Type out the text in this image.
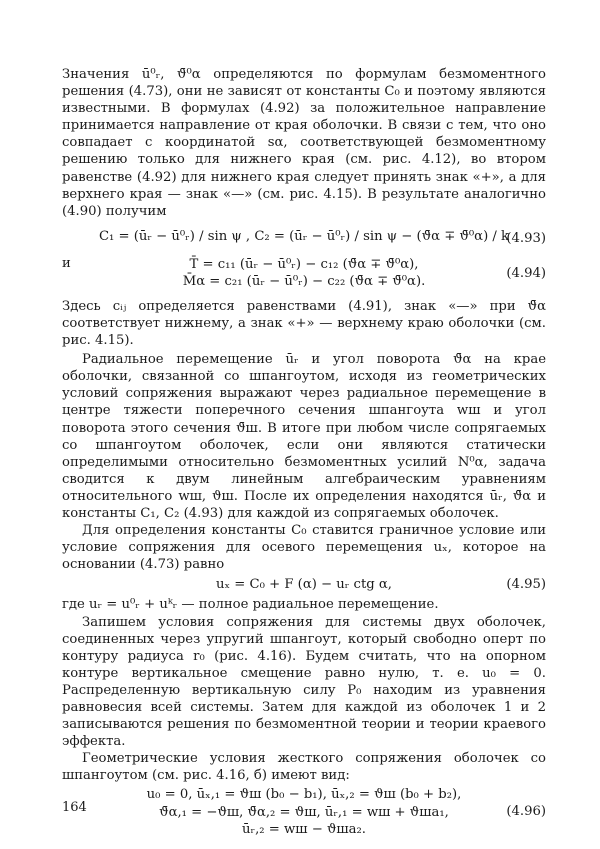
Значения ū⁰ᵣ, ϑ̄⁰α определяются по формулам безмоментного решения (4.73), они не зависят от константы C₀ и поэтому являются известными. В формулах (4.92) за положительное направление принимается направление от края оболочки. В связи с тем, что оно совпадает с координатой sα, соответствующей безмоментному решению только для нижнего края (см. рис. 4.12), во втором равенстве (4.92) для нижнего края следует принять знак «+», а для верхнего края — знак «—» (см. рис. 4.15). В результате аналогично (4.90) получим

C₁ = (ūᵣ − ū⁰ᵣ) / sin ψ , C₂ = (ūᵣ − ū⁰ᵣ) / sin ψ − (ϑ̄α ∓ ϑ̄⁰α) / k
(4.93)
и	T̄ = c₁₁ (ūᵣ − ū⁰ᵣ) − c₁₂ (ϑ̄α ∓ ϑ̄⁰α),
M̄α = c₂₁ (ūᵣ − ū⁰ᵣ) − c₂₂ (ϑ̄α ∓ ϑ̄⁰α).
(4.94)

Здесь cᵢⱼ определяется равенствами (4.91), знак «—» при ϑ̄α соответствует нижнему, а знак «+» — верхнему краю оболочки (см. рис. 4.15).

Радиальное перемещение ūᵣ и угол поворота ϑ̄α на крае оболочки, связанной со шпангоутом, исходя из геометрических условий сопряжения выражают через радиальное перемещение в центре тяжести поперечного сечения шпангоута wш и угол поворота этого сечения ϑ̄ш. В итоге при любом числе сопрягаемых со шпангоутом оболочек, если они являются статически определимыми относительно безмоментных усилий N⁰α, задача сводится к двум линейным алгебраическим уравнениям относительного wш, ϑш. После их определения находятся ūᵣ, ϑ̄α и константы C₁, C₂ (4.93) для каждой из сопрягаемых оболочек.

Для определения константы C₀ ставится граничное условие или условие сопряжения для осевого перемещения uₓ, которое на основании (4.73) равно

uₓ = C₀ + F (α) − uᵣ ctg α,	(4.95)

где uᵣ = u⁰ᵣ + uᵏᵣ — полное радиальное перемещение.

Запишем условия сопряжения для системы двух оболочек, соединенных через упругий шпангоут, который свободно оперт по контуру радиуса r₀ (рис. 4.16). Будем считать, что на опорном контуре вертикальное смещение равно нулю, т. е. u₀ = 0. Распределенную вертикальную силу P₀ находим из уравнения равновесия всей системы. Затем для каждой из оболочек 1 и 2 записываются решения по безмоментной теории и теории краевого эффекта.

Геометрические условия жесткого сопряжения оболочек со шпангоутом (см. рис. 4.16, б) имеют вид:

u₀ = 0, ūₓ,₁ = ϑш (b₀ − b₁), ūₓ,₂ = ϑш (b₀ + b₂),
ϑ̄α,₁ = −ϑш, ϑ̄α,₂ = ϑш, ūᵣ,₁ = wш + ϑшa₁,
ūᵣ,₂ = wш − ϑшa₂.
(4.96)
164
